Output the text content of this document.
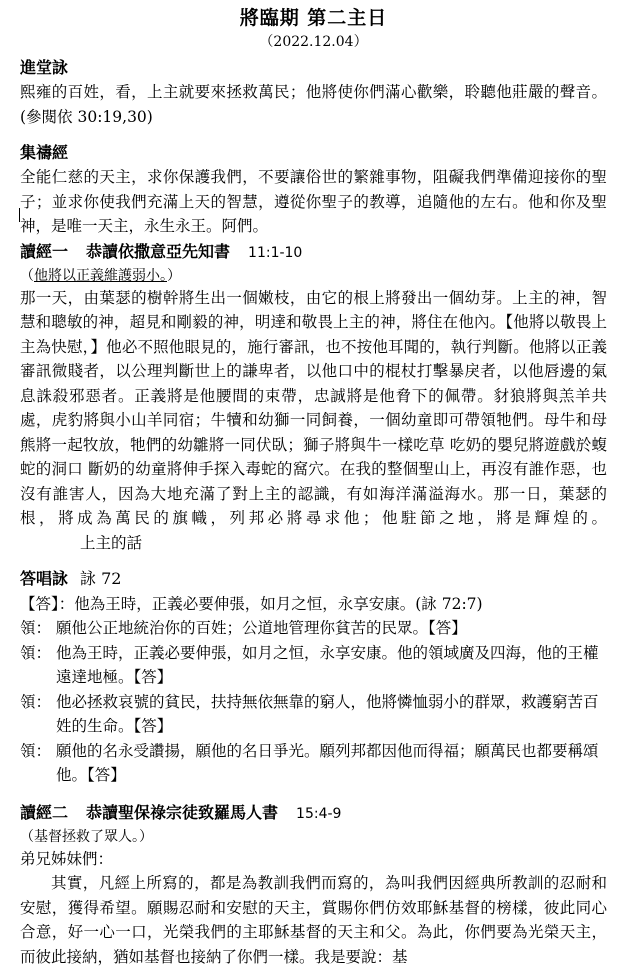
將臨期 第二主日
（2022.12.04）
進堂詠

熙雍的百姓，看，上主就要來拯救萬民；他將使你們滿心歡樂，聆聽他莊嚴的聲音。(參閱依 30:19,30)

集禱經

全能仁慈的天主，求你保護我們，不要讓俗世的繁雜事物，阻礙我們準備迎接你的聖子；並求你使我們充滿上天的智慧，遵從你聖子的教導，追隨他的左右。他和你及聖神，是唯一天主，永生永王。阿們。

讀經一 恭讀依撒意亞先知書 11:1-10
（他將以正義維護弱小。）

那一天，由葉瑟的樹幹將生出一個嫩枝，由它的根上將發出一個幼芽。上主的神，智慧和聰敏的神，超見和剛毅的神，明達和敬畏上主的神，將住在他內。【他將以敬畏上主為快慰，】他必不照他眼見的，施行審訊，也不按他耳聞的，執行判斷。他將以正義審訊微賤者，以公理判斷世上的謙卑者，以他口中的棍杖打擊暴戾者，以他唇邊的氣息誅殺邪惡者。正義將是他腰間的束帶，忠誠將是他脅下的佩帶。豺狼將與羔羊共處，虎豹將與小山羊同宿；牛犢和幼獅一同飼養，一個幼童即可帶領牠們。母牛和母熊將一起牧放，牠們的幼雛將一同伏臥；獅子將與牛一樣吃草 吃奶的嬰兒將遊戲於蝮蛇的洞口 斷奶的幼童將伸手探入毒蛇的窩穴。在我的整個聖山上，再沒有誰作惡，也沒有誰害人，因為大地充滿了對上主的認識，有如海洋滿溢海水。那一日，葉瑟的根，將成為萬民的旗幟，列邦必將尋求他；他駐節之地，將是輝煌的。上主的話

答唱詠 詠 72

【答】：他為王時，正義必要伸張，如月之恒，永享安康。(詠 72:7)

領： 願他公正地統治你的百姓；公道地管理你貧苦的民眾。【答】

領： 他為王時，正義必要伸張，如月之恒，永享安康。他的領域廣及四海，他的王權遠達地極。【答】

領： 他必拯救哀號的貧民，扶持無依無靠的窮人，他將憐恤弱小的群眾，救護窮苦百姓的生命。【答】

領： 願他的名永受讚揚，願他的名日爭光。願列邦都因他而得福；願萬民也都要稱頌他。【答】

讀經二 恭讀聖保祿宗徒致羅馬人書 15:4-9
（基督拯救了眾人。）

弟兄姊妹們：

其實，凡經上所寫的，都是為教訓我們而寫的，為叫我們因經典所教訓的忍耐和安慰，獲得希望。願賜忍耐和安慰的天主，賞賜你們仿效耶穌基督的榜樣，彼此同心合意，好一心一口，光榮我們的主耶穌基督的天主和父。為此，你們要為光榮天主，而彼此接納，猶如基督也接納了你們一樣。我是要說：基
